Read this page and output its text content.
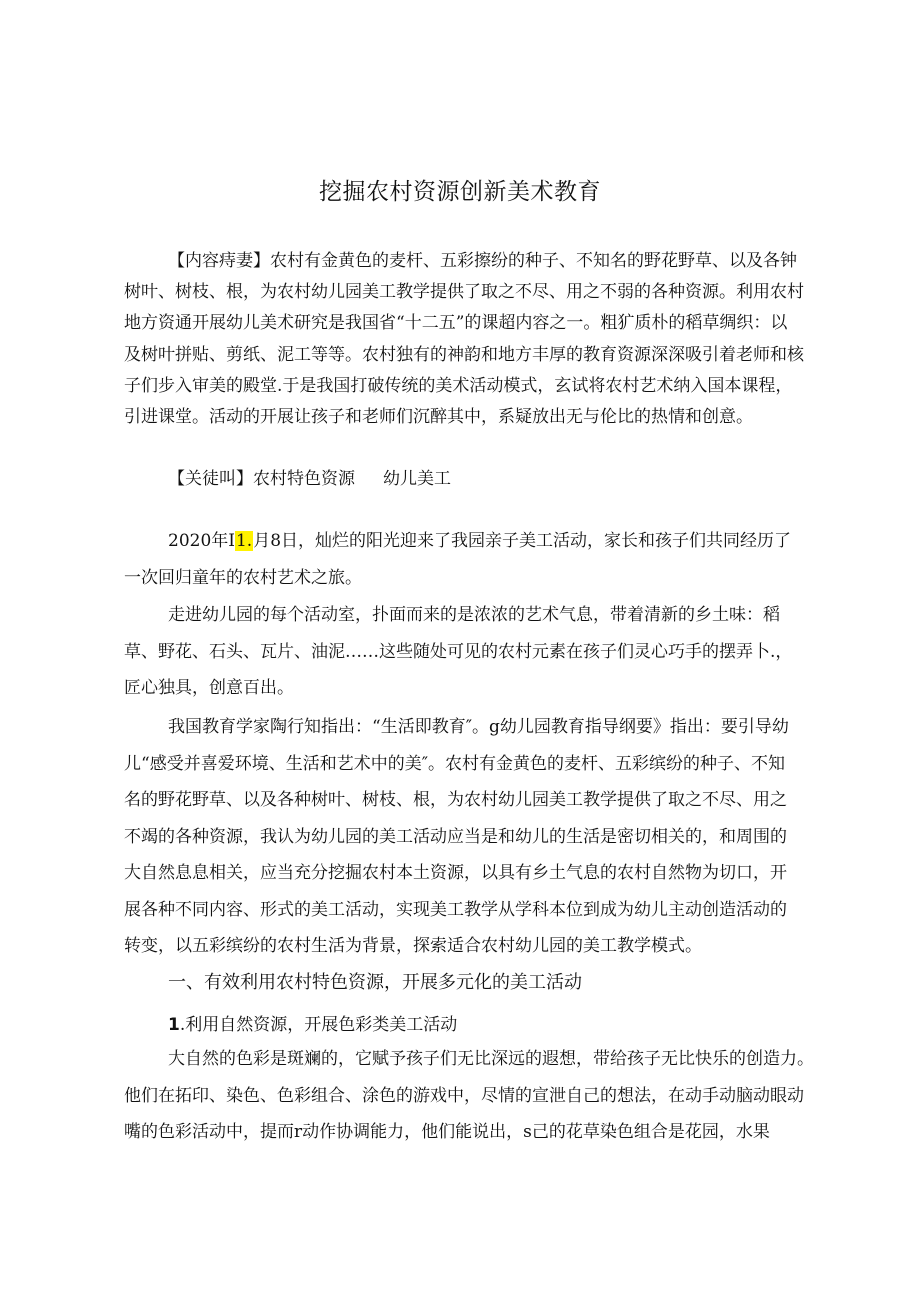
挖掘农村资源创新美术教育

【内容痔妻】农村有金黄色的麦杆、五彩擦纷的种子、不知名的野花野草、以及各钟树叶、树枝、根，为农村幼儿园美工教学提供了取之不尽、用之不弱的各种资源。利用农村地方资通开展幼儿美术研究是我国省“十二五”的课超内容之一。粗犷质朴的稻草绸织：以及树叶拼贴、剪纸、泥工等等。农村独有的神韵和地方丰厚的教育资源深深吸引着老师和核子们步入审美的殿堂.于是我国打破传统的美术活动模式，玄试将农村艺术纳入国本课程，引进课堂。活动的开展让孩子和老师们沉醉其中，系疑放出无与伦比的热情和创意。

【关徒叫】农村特色资源 幼儿美工

2020年I1.月8日，灿烂的阳光迎来了我园亲子美工活动，家长和孩子们共同经历了一次回归童年的农村艺术之旅。

走进幼儿园的每个活动室，扑面而来的是浓浓的艺术气息，带着清新的乡土味：稻草、野花、石头、瓦片、油泥……这些随处可见的农村元素在孩子们灵心巧手的摆弄卜.，匠心独具，创意百出。

我国教育学家陶行知指出：“生活即教育″。g幼儿园教育指导纲要》指出：要引导幼儿“感受并喜爱环境、生活和艺术中的美″。农村有金黄色的麦杆、五彩缤纷的种子、不知名的野花野草、以及各种树叶、树枝、根，为农村幼儿园美工教学提供了取之不尽、用之不竭的各种资源，我认为幼儿园的美工活动应当是和幼儿的生活是密切相关的，和周围的大自然息息相关，应当充分挖掘农村本土资源，以具有乡土气息的农村自然物为切口，开展各种不同内容、形式的美工活动，实现美工教学从学科本位到成为幼儿主动创造活动的转变，以五彩缤纷的农村生活为背景，探索适合农村幼儿园的美工教学模式。

一、有效利用农村特色资源，开展多元化的美工活动

1.利用自然资源，开展色彩类美工活动

大自然的色彩是斑斓的，它赋予孩子们无比深远的遐想，带给孩子无比快乐的创造力。他们在拓印、染色、色彩组合、涂色的游戏中，尽情的宣泄自己的想法，在动手动脑动眼动嘴的色彩活动中，提而r动作协调能力，他们能说出，s己的花草染色组合是花园，水果
